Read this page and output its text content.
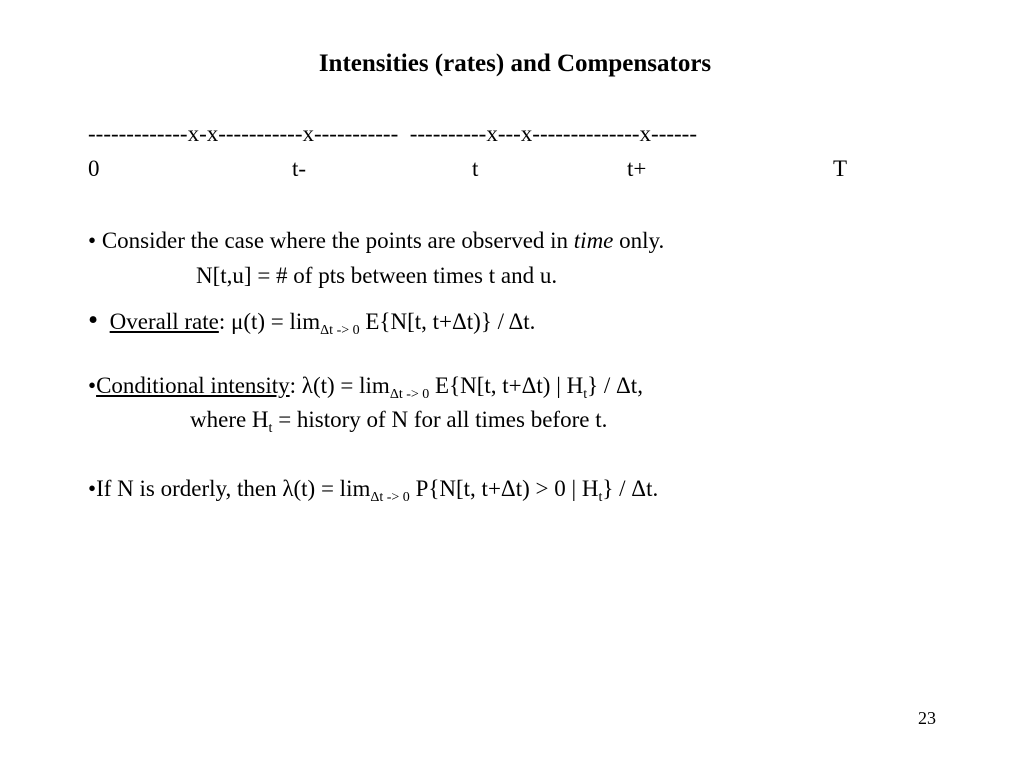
Intensities (rates) and Compensators
-------------x-x-----------x-----------  ----------x---x--------------x------
0	t-	t	t+	T
• Consider the case where the points are observed in time only.
N[t,u] = # of pts between times t and u.
• Overall rate: $\mu(t) = \lim_{\Delta t -> 0} E\{N[t$, t+Δt)} / Δt.
•Conditional intensity: $\lambda(t) = \lim_{\Delta t -> 0} E\{N[t$, t+Δt) | $H_t$} / Δt,
where $H_t$ = history of N for all times before t.
•If N is orderly, then $\lambda(t) = \lim_{\Delta t -> 0} P\{N[t$, t+Δt) > 0 | $H_t$} / Δt.
23
